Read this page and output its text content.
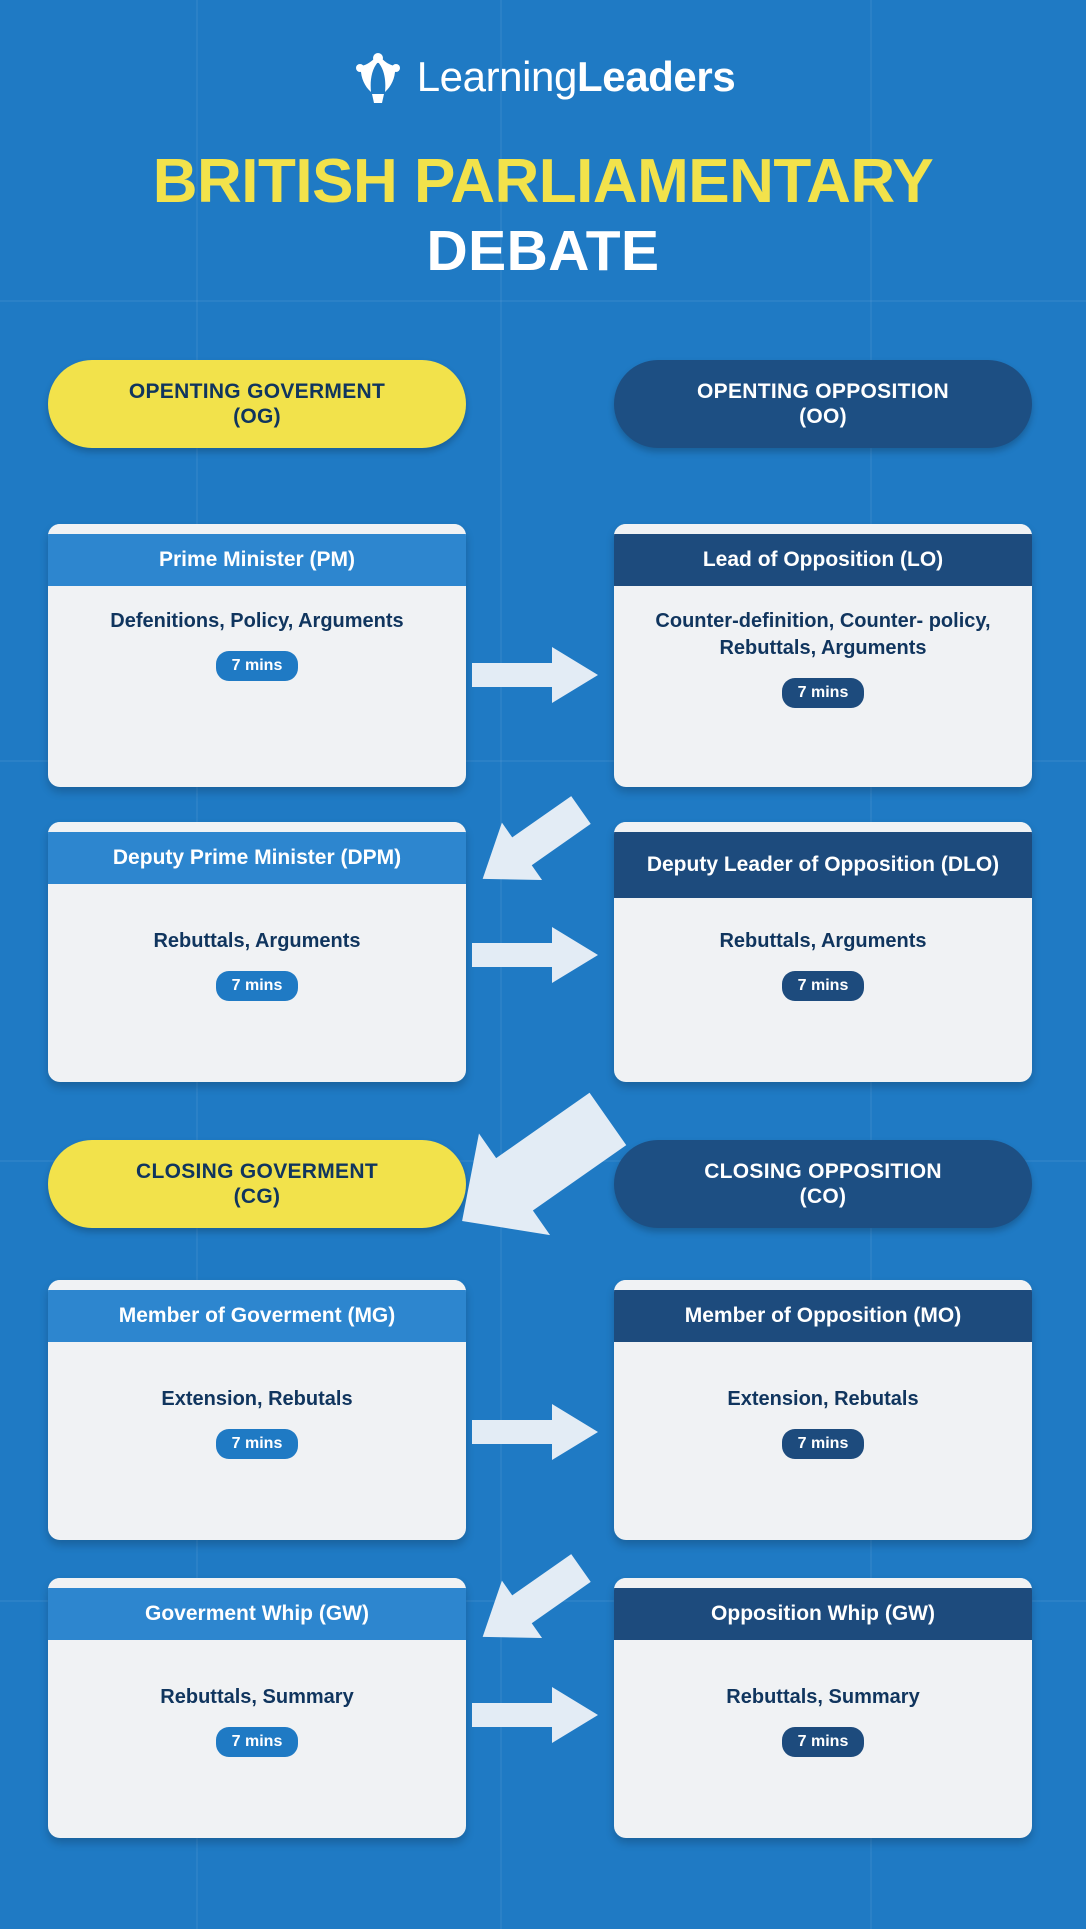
LearningLeaders
BRITISH PARLIAMENTARY
DEBATE
OPENTING GOVERMENT
(OG)
OPENTING OPPOSITION
(OO)
CLOSING GOVERMENT
(CG)
CLOSING OPPOSITION
(CO)
Prime Minister (PM)
Defenitions, Policy, Arguments
7 mins
Lead of Opposition (LO)
Counter-definition, Counter- policy, Rebuttals, Arguments
7 mins
Deputy Prime Minister (DPM)
Rebuttals, Arguments
7 mins
Deputy Leader of Opposition (DLO)
Rebuttals, Arguments
7 mins
Member of Goverment (MG)
Extension, Rebutals
7 mins
Member of Opposition (MO)
Extension, Rebutals
7 mins
Goverment Whip (GW)
Rebuttals, Summary
7 mins
Opposition Whip (GW)
Rebuttals, Summary
7 mins
